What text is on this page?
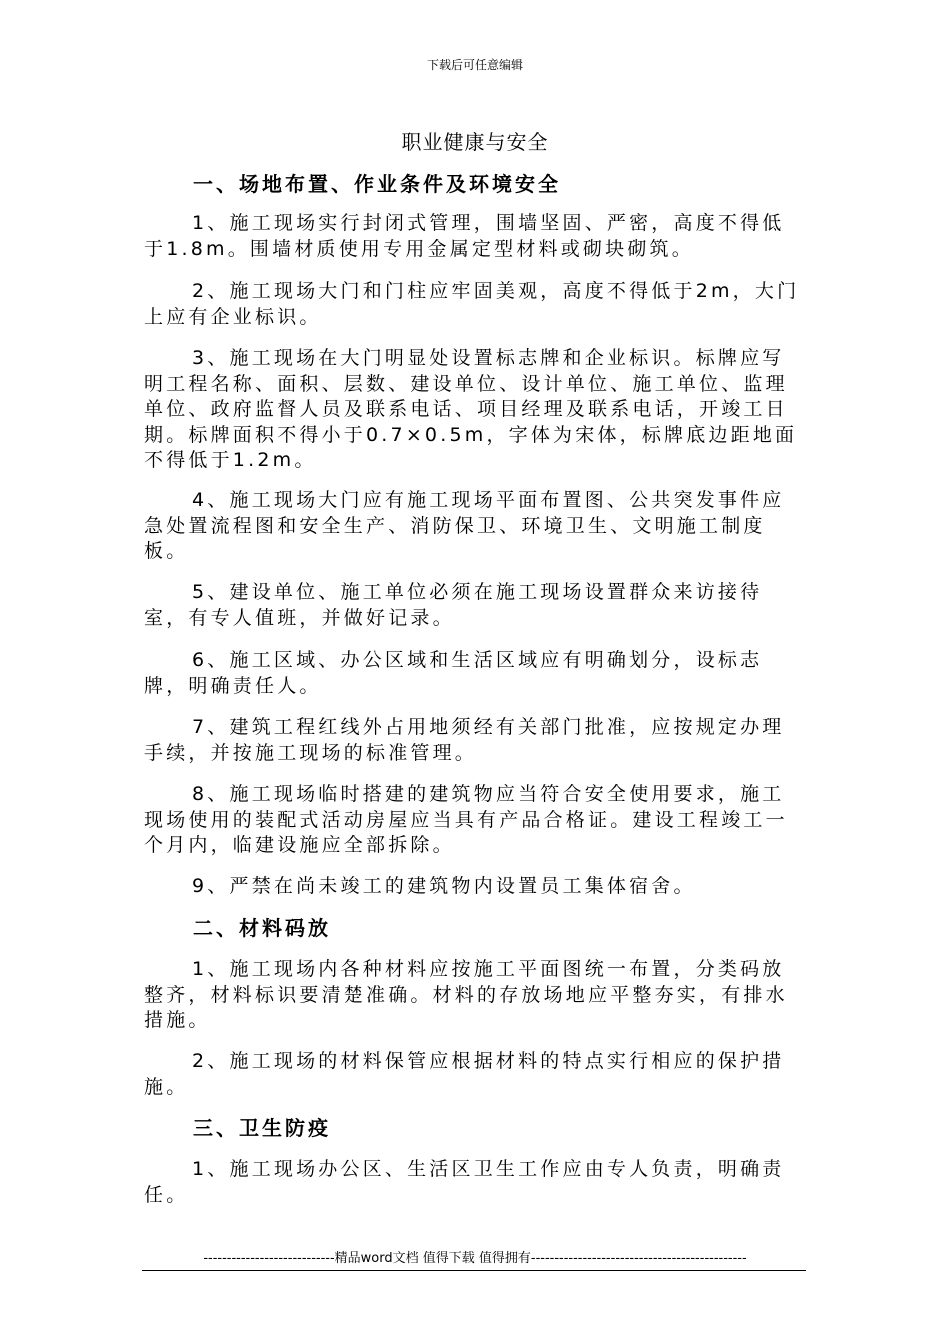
下载后可任意编辑
职业健康与安全
一、场地布置、作业条件及环境安全

1、施工现场实行封闭式管理，围墙坚固、严密，高度不得低于1.8m。围墙材质使用专用金属定型材料或砌块砌筑。

2、施工现场大门和门柱应牢固美观，高度不得低于2m，大门上应有企业标识。

3、施工现场在大门明显处设置标志牌和企业标识。标牌应写明工程名称、面积、层数、建设单位、设计单位、施工单位、监理单位、政府监督人员及联系电话、项目经理及联系电话，开竣工日期。标牌面积不得小于0.7×0.5m，字体为宋体，标牌底边距地面不得低于1.2m。

4、施工现场大门应有施工现场平面布置图、公共突发事件应急处置流程图和安全生产、消防保卫、环境卫生、文明施工制度板。

5、建设单位、施工单位必须在施工现场设置群众来访接待室，有专人值班，并做好记录。

6、施工区域、办公区域和生活区域应有明确划分，设标志牌，明确责任人。

7、建筑工程红线外占用地须经有关部门批准，应按规定办理手续，并按施工现场的标准管理。

8、施工现场临时搭建的建筑物应当符合安全使用要求，施工现场使用的装配式活动房屋应当具有产品合格证。建设工程竣工一个月内，临建设施应全部拆除。

9、严禁在尚未竣工的建筑物内设置员工集体宿舍。

二、材料码放

1、施工现场内各种材料应按施工平面图统一布置，分类码放整齐，材料标识要清楚准确。材料的存放场地应平整夯实，有排水措施。

2、施工现场的材料保管应根据材料的特点实行相应的保护措施。

三、卫生防疫

1、施工现场办公区、生活区卫生工作应由专人负责，明确责任。

----------------------------精品word文档 值得下载 值得拥有----------------------------------------------
